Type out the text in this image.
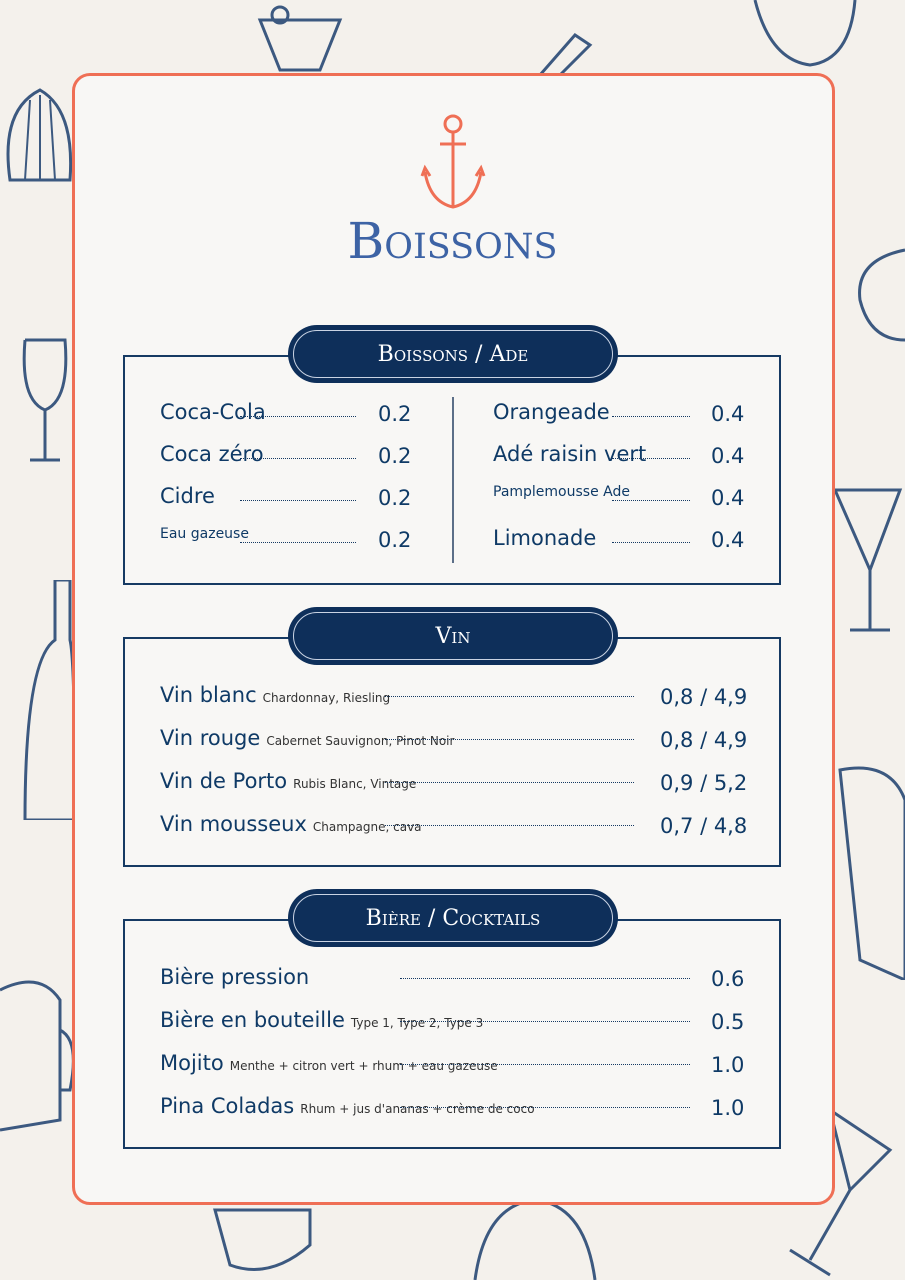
Boissons
Boissons / Ade
Coca-Cola	0.2
Coca zéro	0.2
Cidre	0.2
Eau gazeuse	0.2
Orangeade	0.4
Adé raisin vert	0.4
Pamplemousse Ade	0.4
Limonade	0.4
Vin
Vin blanc Chardonnay, Riesling	0,8 / 4,9
Vin rouge Cabernet Sauvignon, Pinot Noir	0,8 / 4,9
Vin de Porto Rubis Blanc, Vintage	0,9 / 5,2
Vin mousseux Champagne, cava	0,7 / 4,8
Bière / Cocktails
Bière pression	0.6
Bière en bouteille Type 1, Type 2, Type 3	0.5
Mojito Menthe + citron vert + rhum + eau gazeuse	1.0
Pina Coladas Rhum + jus d'ananas + crème de coco	1.0
